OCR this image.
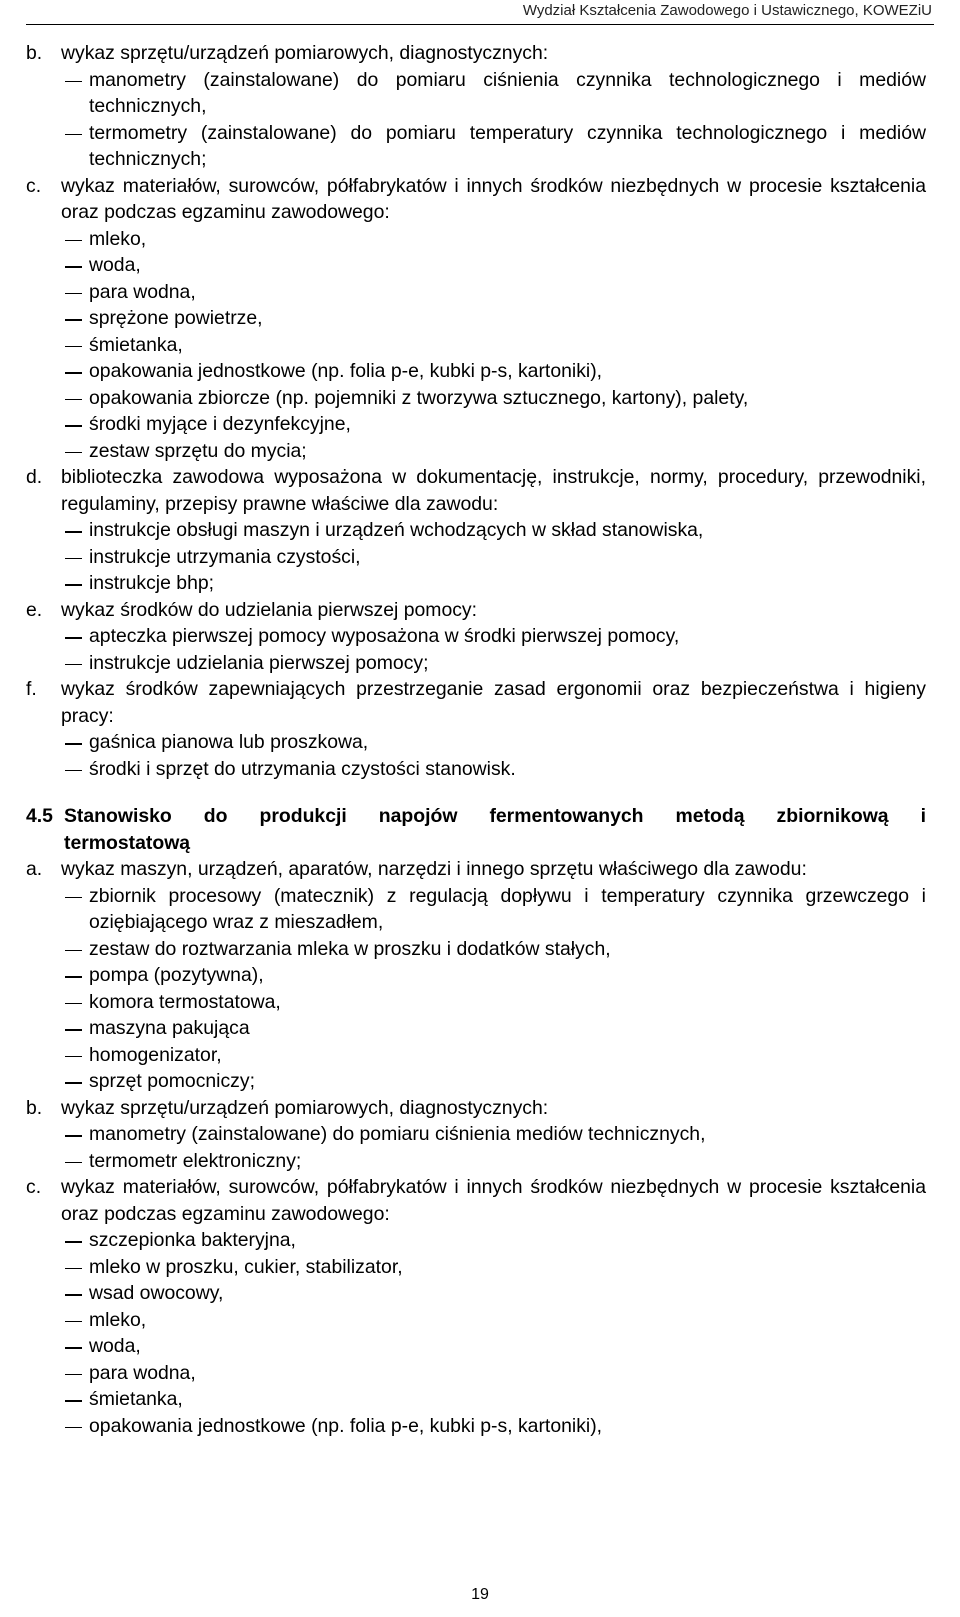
Wydział Kształcenia Zawodowego i Ustawicznego, KOWEZiU
b. wykaz sprzętu/urządzeń pomiarowych, diagnostycznych:
manometry (zainstalowane) do pomiaru ciśnienia czynnika technologicznego i mediów technicznych,
termometry (zainstalowane) do pomiaru temperatury czynnika technologicznego i mediów technicznych;
c.	wykaz materiałów, surowców, półfabrykatów i innych środków niezbędnych w procesie kształcenia oraz podczas egzaminu zawodowego:
mleko,
woda,
para wodna,
sprężone powietrze,
śmietanka,
opakowania jednostkowe (np. folia p-e, kubki p-s, kartoniki),
opakowania zbiorcze (np. pojemniki z tworzywa sztucznego, kartony), palety,
środki myjące i dezynfekcyjne,
zestaw sprzętu do mycia;
d. biblioteczka zawodowa wyposażona w dokumentację, instrukcje, normy, procedury, przewodniki, regulaminy, przepisy prawne właściwe dla zawodu:
instrukcje obsługi maszyn i urządzeń wchodzących w skład stanowiska,
instrukcje utrzymania czystości,
instrukcje bhp;
e. wykaz środków do udzielania pierwszej pomocy:
apteczka pierwszej pomocy wyposażona w środki pierwszej pomocy,
instrukcje udzielania pierwszej pomocy;
f.	wykaz środków zapewniających przestrzeganie zasad ergonomii oraz bezpieczeństwa i higieny pracy:
gaśnica pianowa lub proszkowa,
środki i sprzęt do utrzymania czystości stanowisk.
4.5 Stanowisko do produkcji napojów fermentowanych metodą zbiornikową i termostatową
a. wykaz maszyn, urządzeń, aparatów, narzędzi i innego sprzętu właściwego dla zawodu:
zbiornik procesowy (matecznik) z regulacją dopływu i temperatury czynnika grzewczego i oziębiającego wraz z mieszadłem,
zestaw do roztwarzania mleka w proszku i dodatków stałych,
pompa (pozytywna),
komora termostatowa,
maszyna pakująca
homogenizator,
sprzęt pomocniczy;
b. wykaz sprzętu/urządzeń pomiarowych, diagnostycznych:
manometry (zainstalowane) do pomiaru ciśnienia mediów technicznych,
termometr elektroniczny;
c.	wykaz materiałów, surowców, półfabrykatów i innych środków niezbędnych w procesie kształcenia oraz podczas egzaminu zawodowego:
szczepionka bakteryjna,
mleko w proszku, cukier, stabilizator,
wsad owocowy,
mleko,
woda,
para wodna,
śmietanka,
opakowania jednostkowe (np. folia p-e, kubki p-s, kartoniki),
19
